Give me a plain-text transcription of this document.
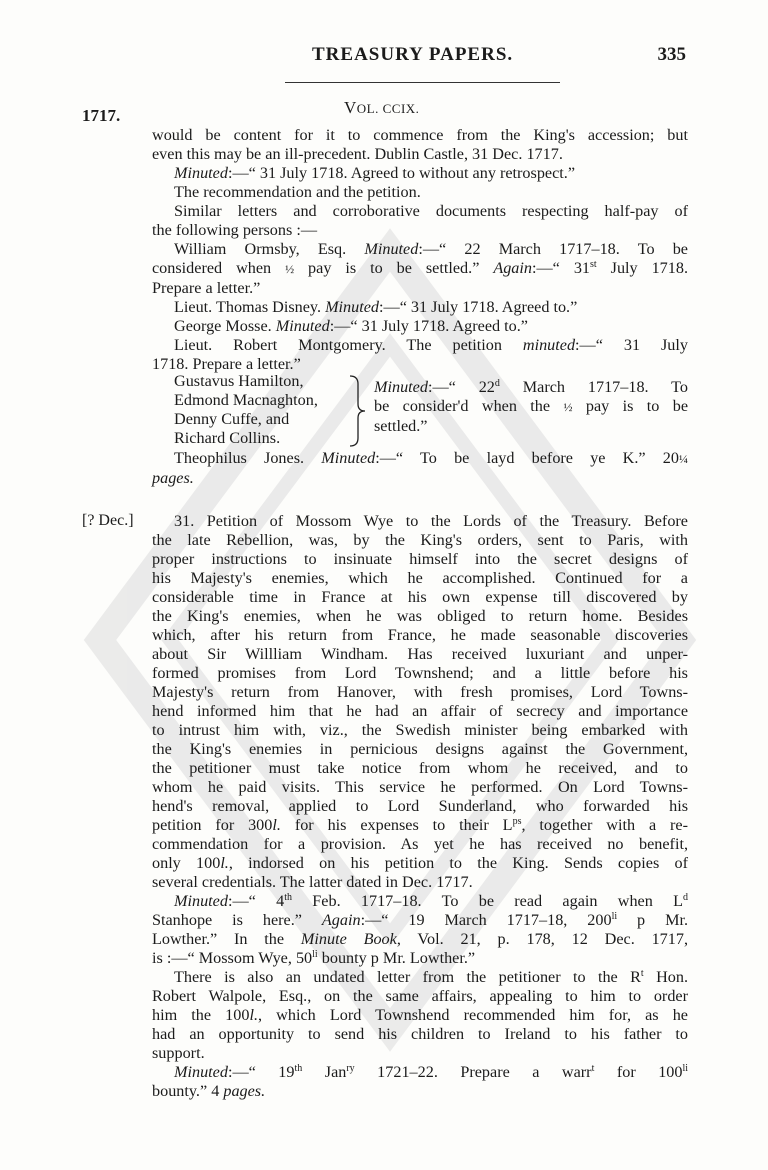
TREASURY PAPERS.	335
1717.	VOL. CCIX.
would be content for it to commence from the King's accession; but
even this may be an ill-precedent. Dublin Castle, 31 Dec. 1717.
Minuted:—“ 31 July 1718. Agreed to without any retrospect.”
The recommendation and the petition.
Similar letters and corroborative documents respecting half-pay of
the following persons :—
William Ormsby, Esq. Minuted:—“ 22 March 1717–18. To be
considered when ½ pay is to be settled.” Again:—“ 31st July 1718.
Prepare a letter.”
Lieut. Thomas Disney. Minuted:—“ 31 July 1718. Agreed to.”
George Mosse. Minuted:—“ 31 July 1718. Agreed to.”
Lieut. Robert Montgomery. The petition minuted:—“ 31 July
1718. Prepare a letter.”
Gustavus Hamilton,
Edmond Macnaghton,
Denny Cuffe, and
Richard Collins.
Minuted:—“ 22$^d$ March 1717–18. To
be consider'd when the ½ pay is to be
settled.”
Theophilus Jones. Minuted:—“ To be layd before ye K.” 20¼
pages.
[? Dec.]	31. Petition of Mossom Wye to the Lords of the Treasury. Before
the late Rebellion, was, by the King's orders, sent to Paris, with
proper instructions to insinuate himself into the secret designs of
his Majesty's enemies, which he accomplished. Continued for a
considerable time in France at his own expense till discovered by
the King's enemies, when he was obliged to return home. Besides
which, after his return from France, he made seasonable discoveries
about Sir Willliam Windham. Has received luxuriant and unper-
formed promises from Lord Townshend; and a little before his
Majesty's return from Hanover, with fresh promises, Lord Towns-
hend informed him that he had an affair of secrecy and importance
to intrust him with, viz., the Swedish minister being embarked with
the King's enemies in pernicious designs against the Government,
the petitioner must take notice from whom he received, and to
whom he paid visits. This service he performed. On Lord Towns-
hend's removal, applied to Lord Sunderland, who forwarded his
petition for 300l. for his expenses to their $L^{ps}$, together with a re-
commendation for a provision. As yet he has received no benefit,
only 100l., indorsed on his petition to the King. Sends copies of
several credentials. The latter dated in Dec. 1717.
Minuted:—“ 4th Feb. 1717–18. To be read again when $L^d$
Stanhope is here.” Again:—“ 19 March 1717–18, $200^{li}$ p Mr.
Lowther.” In the Minute Book, Vol. 21, p. 178, 12 Dec. 1717,
is :—“ Mossom Wye, $50^{li}$ bounty p Mr. Lowther.”
There is also an undated letter from the petitioner to the $R^t$ Hon.
Robert Walpole, Esq., on the same affairs, appealing to him to order
him the 100l., which Lord Townshend recommended him for, as he
had an opportunity to send his children to Ireland to his father to
support.
Minuted:—“ 19th Jan$^{ry}$ 1721–22. Prepare a warr$^t$ for $100^{li}$
bounty.” 4 pages.
